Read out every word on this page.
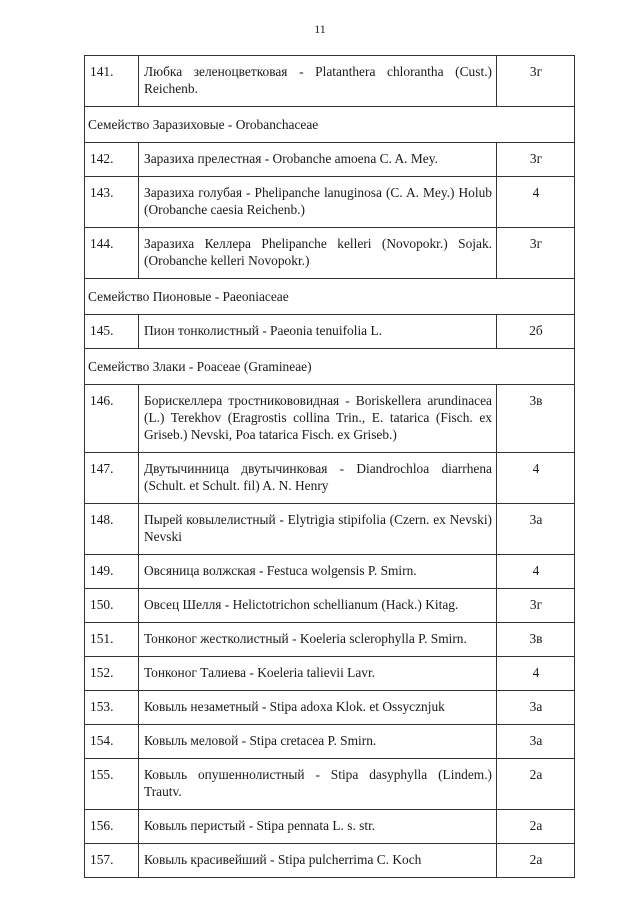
11
141.	Любка зеленоцветковая - Platanthera chlorantha (Cust.) Reichenb.	3г
Семейство Заразиховые - Orobanchaceae		
142.	Заразиха прелестная - Orobanche amoena C. A. Mey.	3г
143.	Заразиха голубая - Phelipanche lanuginosa (C. A. Mey.) Holub (Orobanche caesia Reichenb.)	4
144.	Заразиха Келлера Phelipanche kelleri (Novopokr.) Sojak. (Orobanche kelleri Novopokr.)	3г
Семейство Пионовые - Paeoniaceae		
145.	Пион тонколистный - Paeonia tenuifolia L.	2б
Семейство Злаки - Poaceae (Gramineae)		
146.	Борискеллера тростникововидная - Boriskellera arundinacea (L.) Terekhov (Eragrostis collina Trin., E. tatarica (Fisch. ex Griseb.) Nevski, Poa tatarica Fisch. ex Griseb.)	3в
147.	Двутычинница двутычинковая - Diandrochloa diarrhena (Schult. et Schult. fil) A. N. Henry	4
148.	Пырей ковылелистный - Elytrigia stipifolia (Czern. ex Nevski) Nevski	3а
149.	Овсяница волжская - Festuca wolgensis P. Smirn.	4
150.	Овсец Шелля - Helictotrichon schellianum (Hack.) Kitag.	3г
151.	Тонконог жестколистный - Koeleria sclerophylla P. Smirn.	3в
152.	Тонконог Талиева - Koeleria talievii Lavr.	4
153.	Ковыль незаметный - Stipa adoxa Klok. et Ossycznjuk	3а
154.	Ковыль меловой - Stipa cretacea P. Smirn.	3а
155.	Ковыль опушеннолистный - Stipa dasyphylla (Lindem.) Trautv.	2а
156.	Ковыль перистый - Stipa pennata L. s. str.	2а
157.	Ковыль красивейший - Stipa pulcherrima C. Koch	2а
